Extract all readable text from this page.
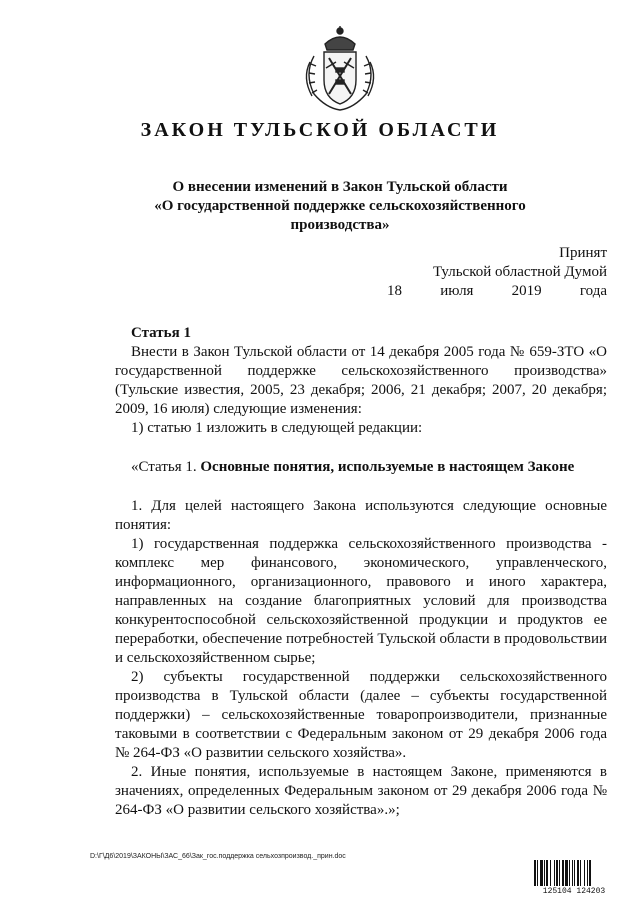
ЗАКОН ТУЛЬСКОЙ ОБЛАСТИ
О внесении изменений в Закон Тульской области
«О государственной поддержке сельскохозяйственного
производства»
Принят
Тульской областной Думой
18	июля	2019	года

Статья 1

Внести в Закон Тульской области от 14 декабря 2005 года № 659-ЗТО «О государственной поддержке сельскохозяйственного производства» (Тульские известия, 2005, 23 декабря; 2006, 21 декабря; 2007, 20 декабря; 2009, 16 июля) следующие изменения:

1) статью 1 изложить в следующей редакции:

«Статья 1. Основные понятия, используемые в настоящем Законе

1. Для целей настоящего Закона используются следующие основные понятия:

1) государственная поддержка сельскохозяйственного производства - комплекс мер финансового, экономического, управленческого, информационного, организационного, правового и иного характера, направленных на создание благоприятных условий для производства конкурентоспособной сельскохозяйственной продукции и продуктов ее переработки, обеспечение потребностей Тульской области в продовольствии и сельскохозяйственном сырье;

2) субъекты государственной поддержки сельскохозяйственного производства в Тульской области (далее – субъекты государственной поддержки) – сельскохозяйственные товаропроизводители, признанные таковыми в соответствии с Федеральным законом от 29 декабря 2006 года № 264-ФЗ «О развитии сельского хозяйства».

2. Иные понятия, используемые в настоящем Законе, применяются в значениях, определенных Федеральным законом от 29 декабря 2006 года № 264-ФЗ «О развитии сельского хозяйства».»;

D:\Г\Д6\2019\ЗАКОНЫ\ЗАС_66\Зак_гос.поддержка сельхозпроизвод._прин.doc
125104 124203
